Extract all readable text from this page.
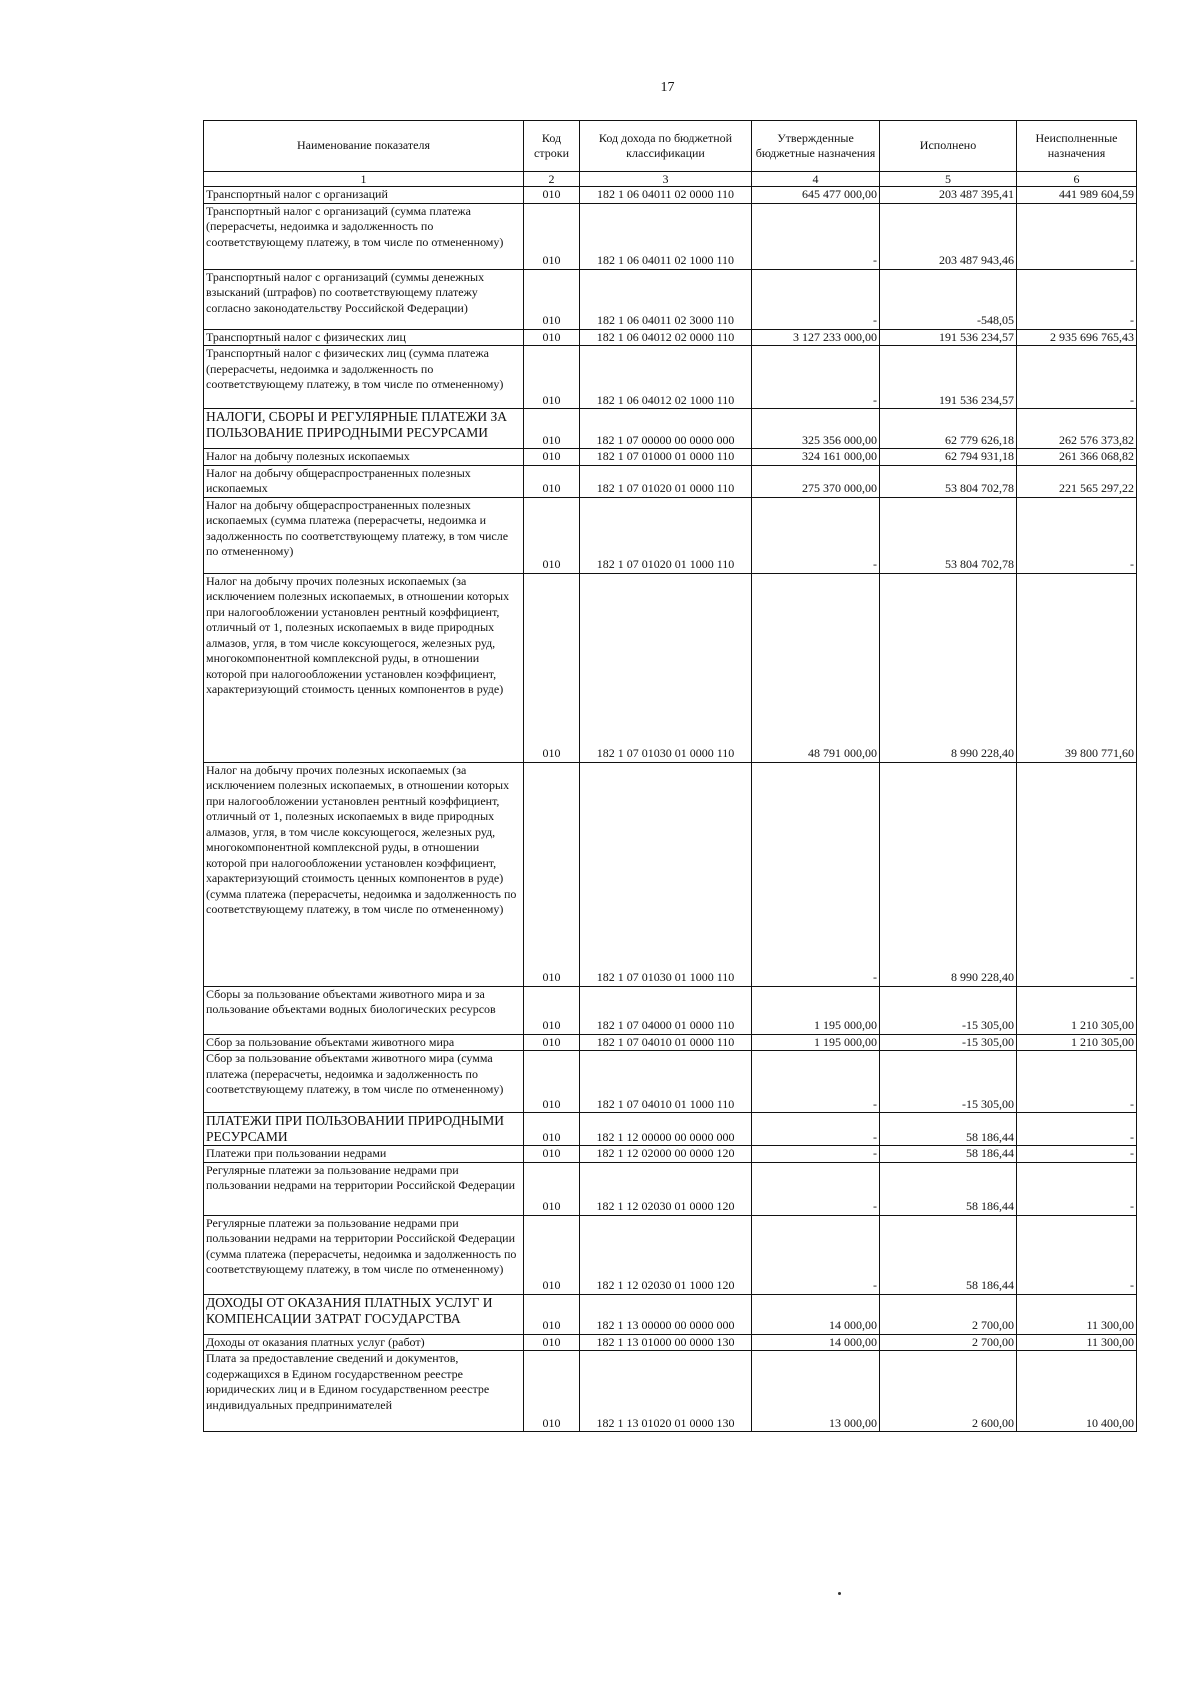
17
Наименование показателя	Код строки	Код дохода по бюджетной классификации	Утвержденные бюджетные назначения	Исполнено	Неисполненные назначения
1	2	3	4	5	6
Транспортный налог с организаций	010	182 1 06 04011 02 0000 110	645 477 000,00	203 487 395,41	441 989 604,59
Транспортный налог с организаций (сумма платежа (перерасчеты, недоимка и задолженность по соответствующему платежу, в том числе по отмененному)	010	182 1 06 04011 02 1000 110	-	203 487 943,46	-
Транспортный налог с организаций (суммы денежных взысканий (штрафов) по соответствующему платежу согласно законодательству Российской Федерации)	010	182 1 06 04011 02 3000 110	-	-548,05	-
Транспортный налог с физических лиц	010	182 1 06 04012 02 0000 110	3 127 233 000,00	191 536 234,57	2 935 696 765,43
Транспортный налог с физических лиц (сумма платежа (перерасчеты, недоимка и задолженность по соответствующему платежу, в том числе по отмененному)	010	182 1 06 04012 02 1000 110	-	191 536 234,57	-
НАЛОГИ, СБОРЫ И РЕГУЛЯРНЫЕ ПЛАТЕЖИ ЗА ПОЛЬЗОВАНИЕ ПРИРОДНЫМИ РЕСУРСАМИ	010	182 1 07 00000 00 0000 000	325 356 000,00	62 779 626,18	262 576 373,82
Налог на добычу полезных ископаемых	010	182 1 07 01000 01 0000 110	324 161 000,00	62 794 931,18	261 366 068,82
Налог на добычу общераспространенных полезных ископаемых	010	182 1 07 01020 01 0000 110	275 370 000,00	53 804 702,78	221 565 297,22
Налог на добычу общераспространенных полезных ископаемых (сумма платежа (перерасчеты, недоимка и задолженность по соответствующему платежу, в том числе по отмененному)	010	182 1 07 01020 01 1000 110	-	53 804 702,78	-
Налог на добычу прочих полезных ископаемых (за исключением полезных ископаемых, в отношении которых при налогообложении установлен рентный коэффициент, отличный от 1, полезных ископаемых в виде природных алмазов, угля, в том числе коксующегося, железных руд, многокомпонентной комплексной руды, в отношении которой при налогообложении установлен коэффициент, характеризующий стоимость ценных компонентов в руде)	010	182 1 07 01030 01 0000 110	48 791 000,00	8 990 228,40	39 800 771,60
Налог на добычу прочих полезных ископаемых (за исключением полезных ископаемых, в отношении которых при налогообложении установлен рентный коэффициент, отличный от 1, полезных ископаемых в виде природных алмазов, угля, в том числе коксующегося, железных руд, многокомпонентной комплексной руды, в отношении которой при налогообложении установлен коэффициент, характеризующий стоимость ценных компонентов в руде) (сумма платежа (перерасчеты, недоимка и задолженность по соответствующему платежу, в том числе по отмененному)	010	182 1 07 01030 01 1000 110	-	8 990 228,40	-
Сборы за пользование объектами животного мира и за пользование объектами водных биологических ресурсов	010	182 1 07 04000 01 0000 110	1 195 000,00	-15 305,00	1 210 305,00
Сбор за пользование объектами животного мира	010	182 1 07 04010 01 0000 110	1 195 000,00	-15 305,00	1 210 305,00
Сбор за пользование объектами животного мира (сумма платежа (перерасчеты, недоимка и задолженность по соответствующему платежу, в том числе по отмененному)	010	182 1 07 04010 01 1000 110	-	-15 305,00	-
ПЛАТЕЖИ ПРИ ПОЛЬЗОВАНИИ ПРИРОДНЫМИ РЕСУРСАМИ	010	182 1 12 00000 00 0000 000	-	58 186,44	-
Платежи при пользовании недрами	010	182 1 12 02000 00 0000 120	-	58 186,44	-
Регулярные платежи за пользование недрами при пользовании недрами на территории Российской Федерации	010	182 1 12 02030 01 0000 120	-	58 186,44	-
Регулярные платежи за пользование недрами при пользовании недрами на территории Российской Федерации (сумма платежа (перерасчеты, недоимка и задолженность по соответствующему платежу, в том числе по отмененному)	010	182 1 12 02030 01 1000 120	-	58 186,44	-
ДОХОДЫ ОТ ОКАЗАНИЯ ПЛАТНЫХ УСЛУГ И КОМПЕНСАЦИИ ЗАТРАТ ГОСУДАРСТВА	010	182 1 13 00000 00 0000 000	14 000,00	2 700,00	11 300,00
Доходы от оказания платных услуг (работ)	010	182 1 13 01000 00 0000 130	14 000,00	2 700,00	11 300,00
Плата за предоставление сведений и документов, содержащихся в Едином государственном реестре юридических лиц и в Едином государственном реестре индивидуальных предпринимателей	010	182 1 13 01020 01 0000 130	13 000,00	2 600,00	10 400,00
